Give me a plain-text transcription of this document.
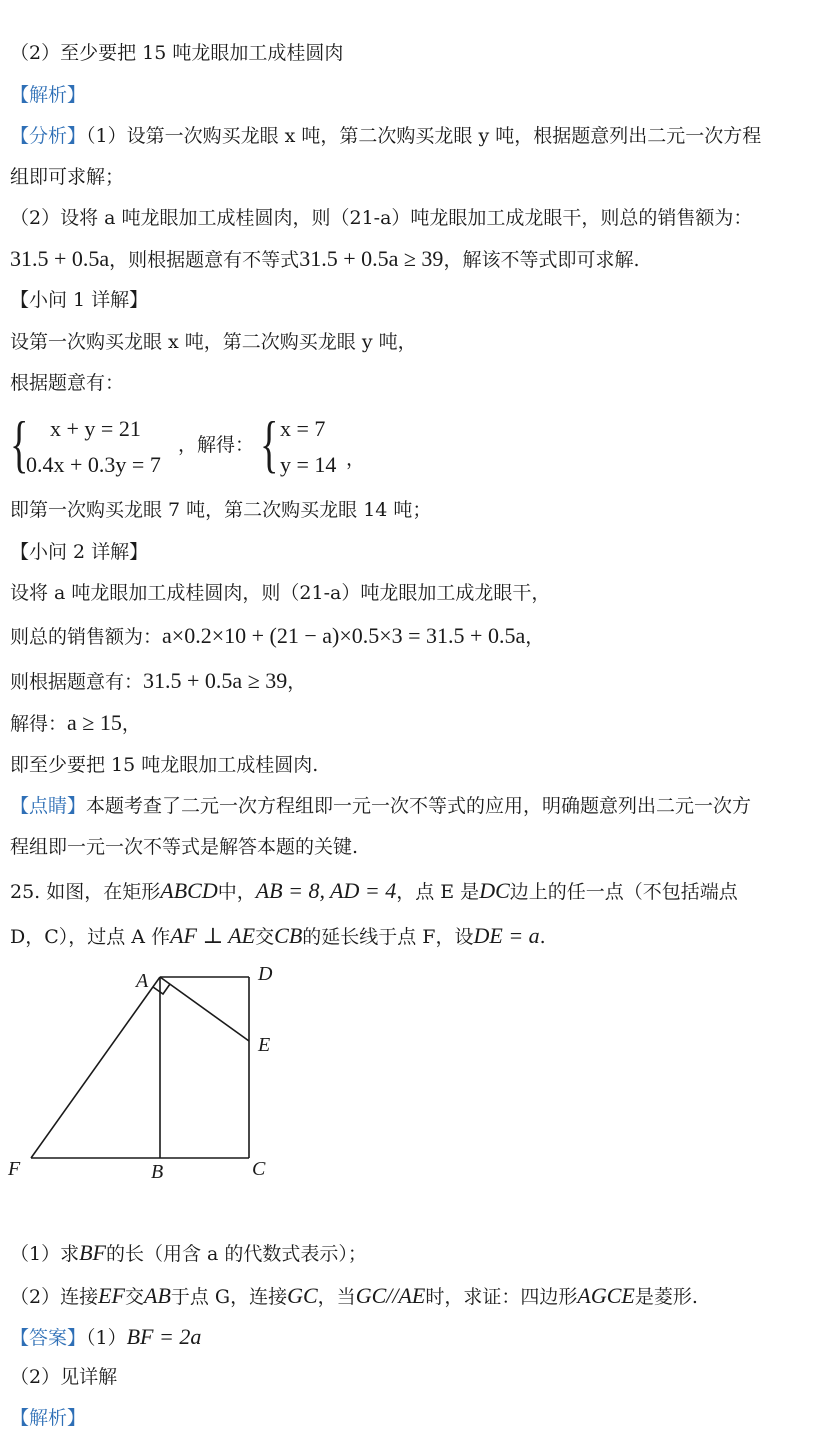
（2）至少要把 15 吨龙眼加工成桂圆肉
【解析】
【分析】（1）设第一次购买龙眼 x 吨，第二次购买龙眼 y 吨，根据题意列出二元一次方程
组即可求解；
（2）设将 a 吨龙眼加工成桂圆肉，则（21-a）吨龙眼加工成龙眼干，则总的销售额为：
31.5 + 0.5a，则根据题意有不等式31.5 + 0.5a ≥ 39，解该不等式即可求解.
【小问 1 详解】
设第一次购买龙眼 x 吨，第二次购买龙眼 y 吨，
根据题意有：
{ x + y = 21
0.4x + 0.3y = 7
，解得： { x = 7
y = 14 ，
即第一次购买龙眼 7 吨，第二次购买龙眼 14 吨；
【小问 2 详解】
设将 a 吨龙眼加工成桂圆肉，则（21-a）吨龙眼加工成龙眼干，
则总的销售额为：a×0.2×10 + (21 − a)×0.5×3 = 31.5 + 0.5a，
则根据题意有：31.5 + 0.5a ≥ 39，
解得：a ≥ 15，
即至少要把 15 吨龙眼加工成桂圆肉.
【点睛】本题考查了二元一次方程组即一元一次不等式的应用，明确题意列出二元一次方
程组即一元一次不等式是解答本题的关键.
25. 如图，在矩形ABCD中，AB = 8, AD = 4，点 E 是DC边上的任一点（不包括端点
D，C），过点 A 作AF ⊥ AE交CB的延长线于点 F，设DE = a.
A	D
E
F	B	C
（1）求BF的长（用含 a 的代数式表示）；
（2）连接EF交AB于点 G，连接GC，当GC//AE时，求证：四边形AGCE是菱形.
【答案】（1）BF = 2a
（2）见详解
【解析】
